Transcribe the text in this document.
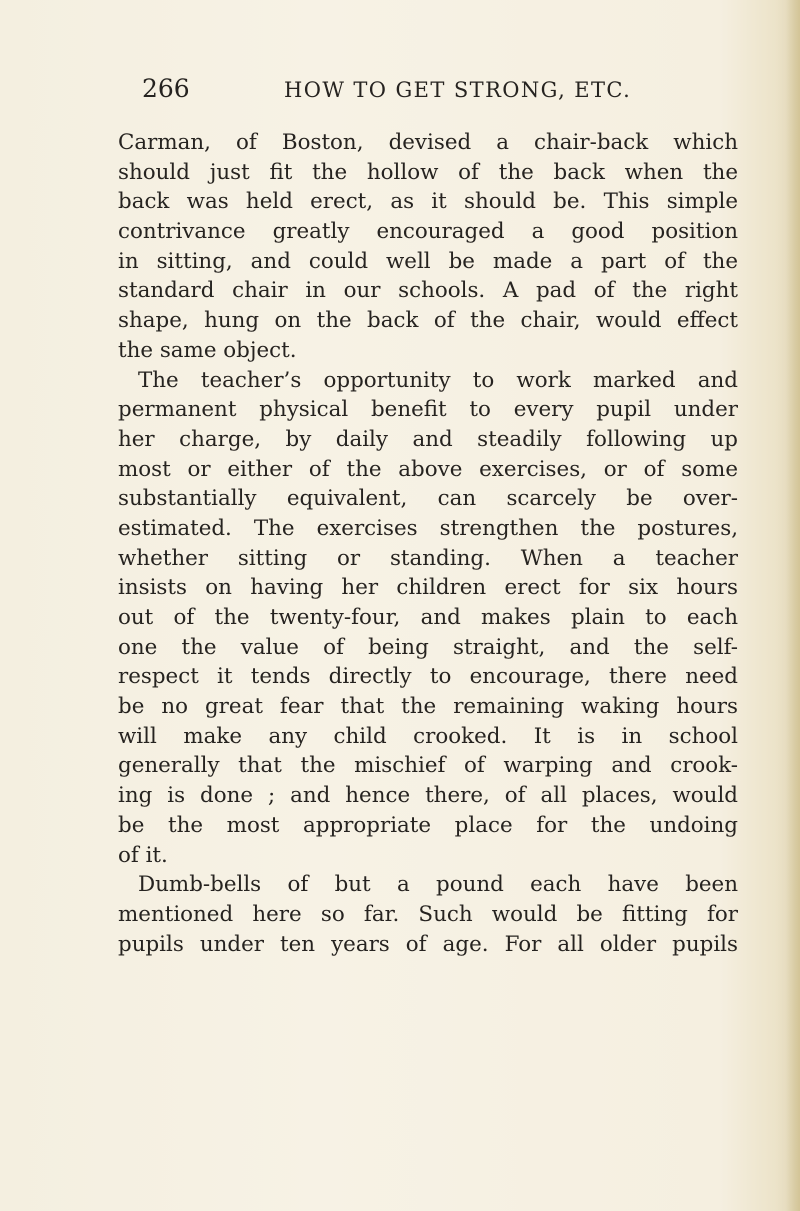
266	HOW TO GET STRONG, ETC.
Carman, of Boston, devised a chair-back which
should just fit the hollow of the back when the
back was held erect, as it should be. This simple
contrivance greatly encouraged a good position
in sitting, and could well be made a part of the
standard chair in our schools. A pad of the right
shape, hung on the back of the chair, would effect
the same object.
The teacher’s opportunity to work marked and
permanent physical benefit to every pupil under
her charge, by daily and steadily following up
most or either of the above exercises, or of some
substantially equivalent, can scarcely be over-
estimated. The exercises strengthen the postures,
whether sitting or standing. When a teacher
insists on having her children erect for six hours
out of the twenty-four, and makes plain to each
one the value of being straight, and the self-
respect it tends directly to encourage, there need
be no great fear that the remaining waking hours
will make any child crooked. It is in school
generally that the mischief of warping and crook-
ing is done ; and hence there, of all places, would
be the most appropriate place for the undoing
of it.
Dumb-bells of but a pound each have been
mentioned here so far. Such would be fitting for
pupils under ten years of age. For all older pupils
